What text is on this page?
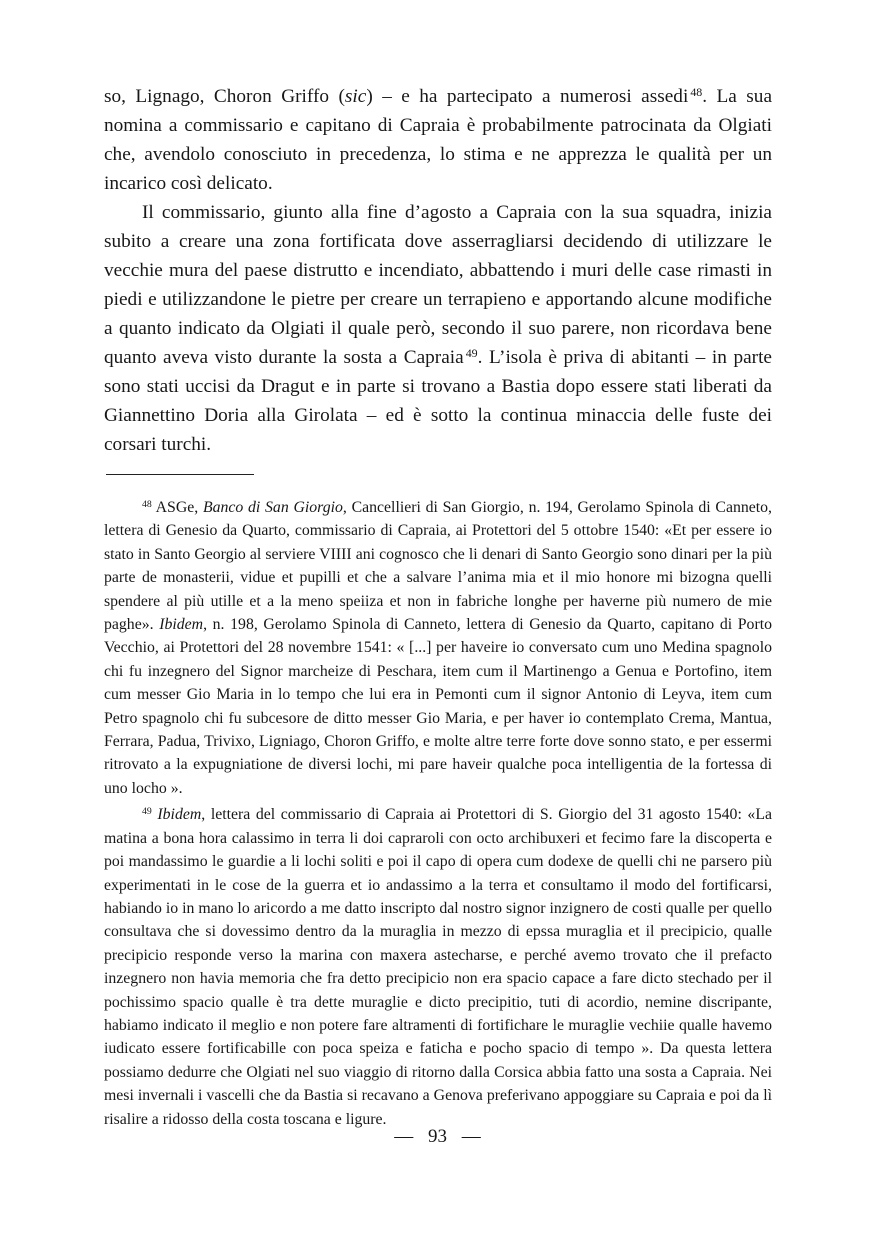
so, Lignago, Choron Griffo (sic) – e ha partecipato a numerosi assedi $^{48}$. La sua nomina a commissario e capitano di Capraia è probabilmente patrocinata da Olgiati che, avendolo conosciuto in precedenza, lo stima e ne apprezza le qualità per un incarico così delicato.

Il commissario, giunto alla fine d’agosto a Capraia con la sua squadra, inizia subito a creare una zona fortificata dove asserragliarsi decidendo di utilizzare le vecchie mura del paese distrutto e incendiato, abbattendo i muri delle case rimasti in piedi e utilizzandone le pietre per creare un terrapieno e apportando alcune modifiche a quanto indicato da Olgiati il quale però, secondo il suo parere, non ricordava bene quanto aveva visto durante la sosta a Capraia $^{49}$. L’isola è priva di abitanti – in parte sono stati uccisi da Dragut e in parte si trovano a Bastia dopo essere stati liberati da Giannettino Doria alla Girolata – ed è sotto la continua minaccia delle fuste dei corsari turchi.

$^{48}$ ASGe, Banco di San Giorgio, Cancellieri di San Giorgio, n. 194, Gerolamo Spinola di Canneto, lettera di Genesio da Quarto, commissario di Capraia, ai Protettori del 5 ottobre 1540: «Et per essere io stato in Santo Georgio al serviere VIIII ani cognosco che li denari di Santo Georgio sono dinari per la più parte de monasterii, vidue et pupilli et che a salvare l’anima mia et il mio honore mi bizogna quelli spendere al più utille et a la meno speiiza et non in fabriche longhe per haverne più numero de mie paghe». Ibidem, n. 198, Gerolamo Spinola di Canneto, lettera di Genesio da Quarto, capitano di Porto Vecchio, ai Protettori del 28 novembre 1541: « [...] per haveire io conversato cum uno Medina spagnolo chi fu inzegnero del Signor marcheize di Peschara, item cum il Martinengo a Genua e Portofino, item cum messer Gio Maria in lo tempo che lui era in Pemonti cum il signor Antonio di Leyva, item cum Petro spagnolo chi fu subcesore de ditto messer Gio Maria, e per haver io contemplato Crema, Mantua, Ferrara, Padua, Trivixo, Ligniago, Choron Griffo, e molte altre terre forte dove sonno stato, e per essermi ritrovato a la expugniatione de diversi lochi, mi pare haveir qualche poca intelligentia de la fortessa di uno locho ».

$^{49}$ Ibidem, lettera del commissario di Capraia ai Protettori di S. Giorgio del 31 agosto 1540: «La matina a bona hora calassimo in terra li doi capraroli con octo archibuxeri et fecimo fare la discoperta e poi mandassimo le guardie a li lochi soliti e poi il capo di opera cum dodexe de quelli chi ne parsero più experimentati in le cose de la guerra et io andassimo a la terra et consultamo il modo del fortificarsi, habiando io in mano lo aricordo a me datto inscripto dal nostro signor inzignero de costi qualle per quello consultava che si dovessimo dentro da la muraglia in mezzo di epssa muraglia et il precipicio, qualle precipicio responde verso la marina con maxera astecharse, e perché avemo trovato che il prefacto inzegnero non havia memoria che fra detto precipicio non era spacio capace a fare dicto stechado per il pochissimo spacio qualle è tra dette muraglie e dicto precipitio, tuti di acordio, nemine discripante, habiamo indicato il meglio e non potere fare altramenti di fortifichare le muraglie vechiie qualle havemo iudicato essere fortificabille con poca speiza e faticha e pocho spacio di tempo ». Da questa lettera possiamo dedurre che Olgiati nel suo viaggio di ritorno dalla Corsica abbia fatto una sosta a Capraia. Nei mesi invernali i vascelli che da Bastia si recavano a Genova preferivano appoggiare su Capraia e poi da lì risalire a ridosso della costa toscana e ligure.

— 93 —
